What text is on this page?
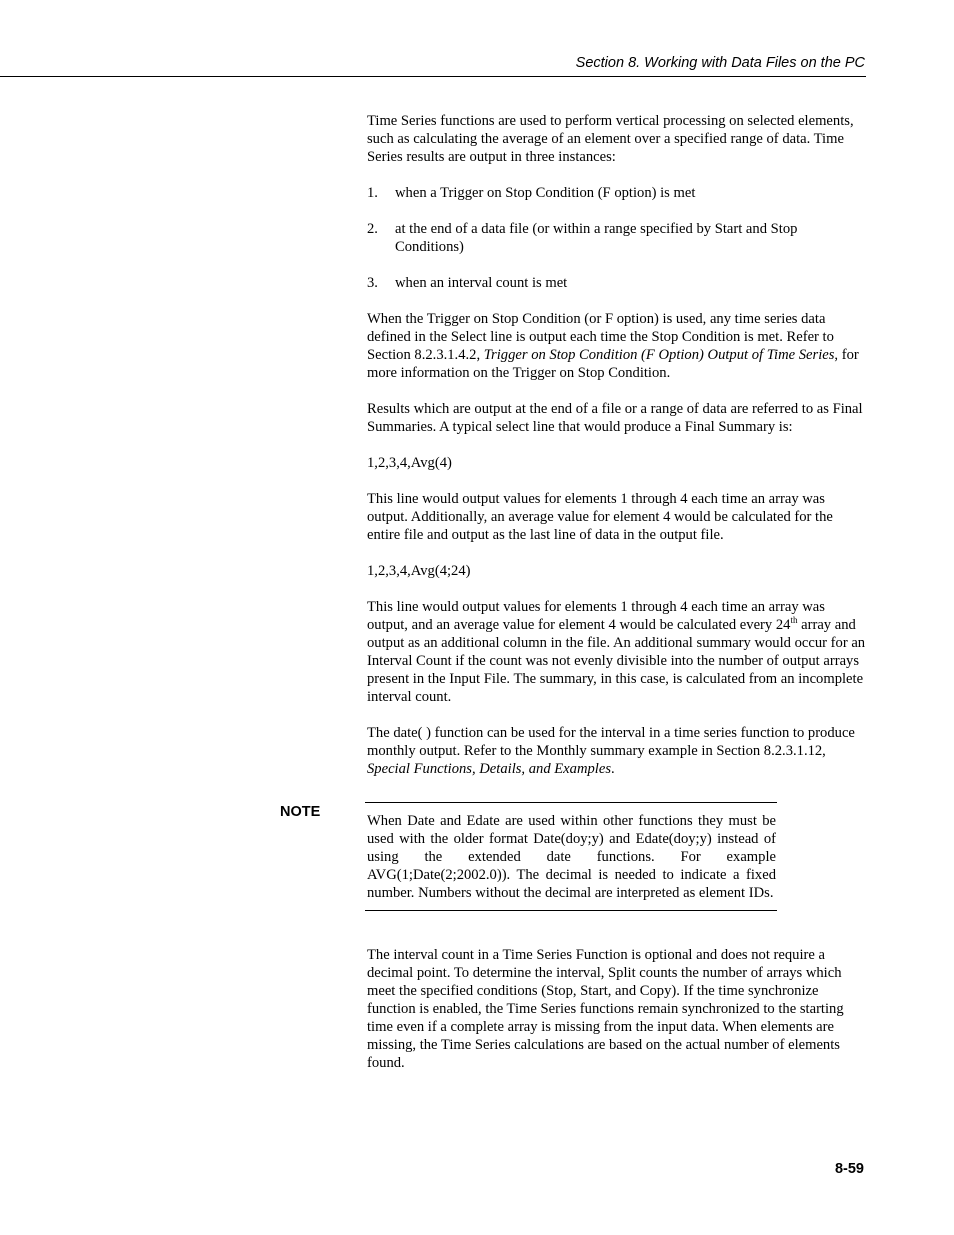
Section 8. Working with Data Files on the PC

Time Series functions are used to perform vertical processing on selected elements, such as calculating the average of an element over a specified range of data. Time Series results are output in three instances:

1. when a Trigger on Stop Condition (F option) is met
2. at the end of a data file (or within a range specified by Start and Stop Conditions)
3. when an interval count is met

When the Trigger on Stop Condition (or F option) is used, any time series data defined in the Select line is output each time the Stop Condition is met. Refer to Section 8.2.3.1.4.2, Trigger on Stop Condition (F Option) Output of Time Series, for more information on the Trigger on Stop Condition.

Results which are output at the end of a file or a range of data are referred to as Final Summaries. A typical select line that would produce a Final Summary is:

1,2,3,4,Avg(4)

This line would output values for elements 1 through 4 each time an array was output. Additionally, an average value for element 4 would be calculated for the entire file and output as the last line of data in the output file.

1,2,3,4,Avg(4;24)

This line would output values for elements 1 through 4 each time an array was output, and an average value for element 4 would be calculated every 24th array and output as an additional column in the file. An additional summary would occur for an Interval Count if the count was not evenly divisible into the number of output arrays present in the Input File. The summary, in this case, is calculated from an incomplete interval count.

The date( ) function can be used for the interval in a time series function to produce monthly output. Refer to the Monthly summary example in Section 8.2.3.1.12, Special Functions, Details, and Examples.

NOTE
When Date and Edate are used within other functions they must be used with the older format Date(doy;y) and Edate(doy;y) instead of using the extended date functions. For example AVG(1;Date(2;2002.0)). The decimal is needed to indicate a fixed number. Numbers without the decimal are interpreted as element IDs.

The interval count in a Time Series Function is optional and does not require a decimal point. To determine the interval, Split counts the number of arrays which meet the specified conditions (Stop, Start, and Copy). If the time synchronize function is enabled, the Time Series functions remain synchronized to the starting time even if a complete array is missing from the input data. When elements are missing, the Time Series calculations are based on the actual number of elements found.

8-59
